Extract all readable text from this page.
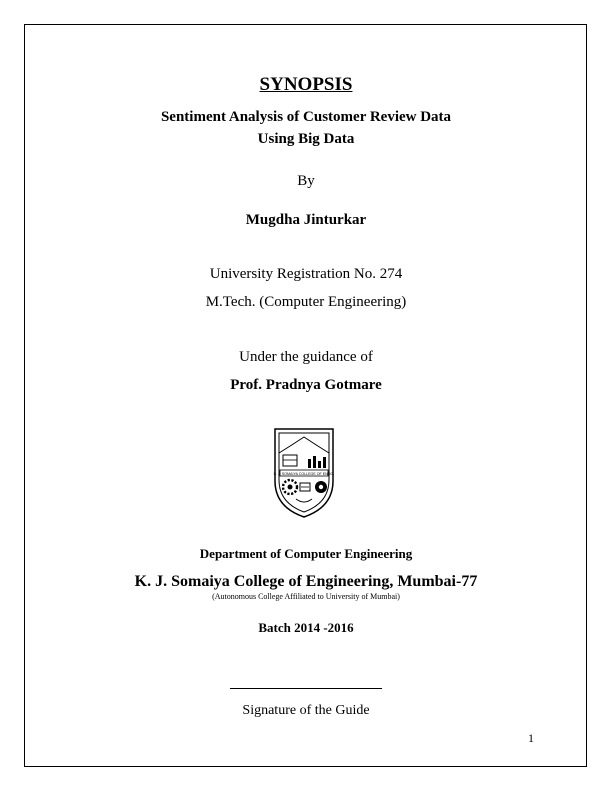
SYNOPSIS

Sentiment Analysis of Customer Review Data

Using Big Data

By

Mugdha Jinturkar

University Registration No. 274

M.Tech. (Computer Engineering)

Under the guidance of

Prof. Pradnya Gotmare

K. J. SOMAIYA COLLEGE OF ENGG.

Department of Computer Engineering

K. J. Somaiya College of Engineering, Mumbai-77

(Autonomous College Affiliated to University of Mumbai)

Batch 2014 -2016

Signature of the Guide

1
